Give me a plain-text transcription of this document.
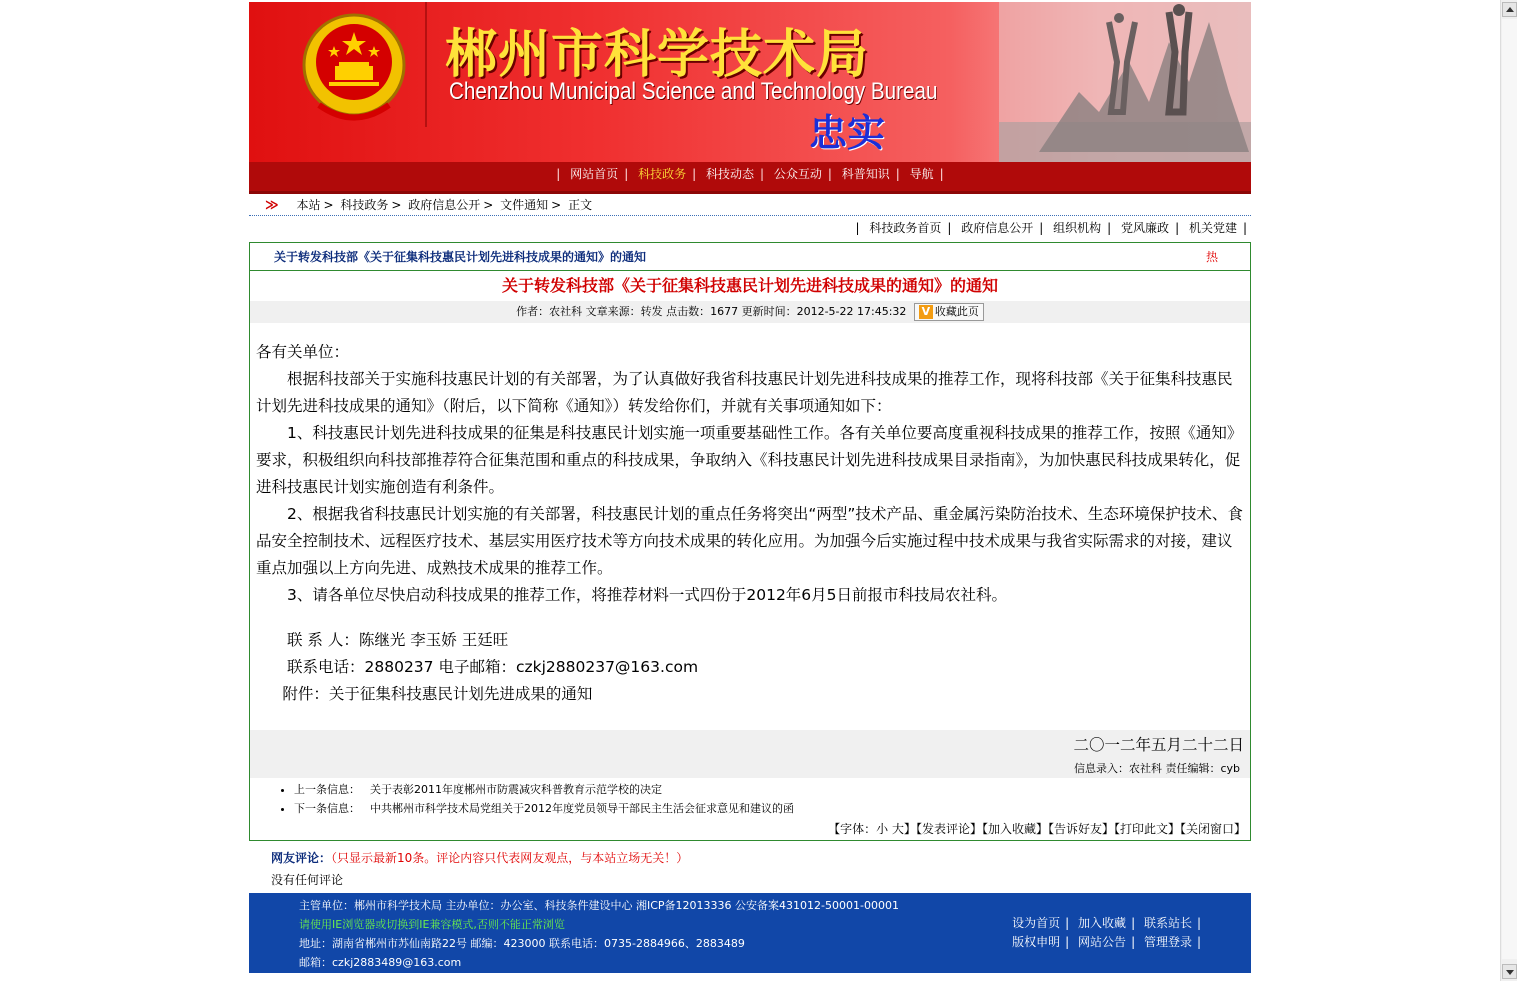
郴州市科学技术局
Chenzhou Municipal Science and Technology Bureau
忠实
| 网站首页 | 科技政务 | 科技动态 | 公众互动 | 科普知识 | 导航 |
≫ 本站 > 科技政务 > 政府信息公开 > 文件通知 > 正文
| 科技政务首页 | 政府信息公开 | 组织机构 | 党风廉政 | 机关党建 |
关于转发科技部《关于征集科技惠民计划先进科技成果的通知》的通知	热
关于转发科技部《关于征集科技惠民计划先进科技成果的通知》的通知
作者：农社科 文章来源：转发 点击数：1677 更新时间：2012-5-22 17:45:32 V 收藏此页

各有关单位：

根据科技部关于实施科技惠民计划的有关部署，为了认真做好我省科技惠民计划先进科技成果的推荐工作，现将科技部《关于征集科技惠民计划先进科技成果的通知》（附后，以下简称《通知》）转发给你们，并就有关事项通知如下：

1、科技惠民计划先进科技成果的征集是科技惠民计划实施一项重要基础性工作。各有关单位要高度重视科技成果的推荐工作，按照《通知》要求，积极组织向科技部推荐符合征集范围和重点的科技成果，争取纳入《科技惠民计划先进科技成果目录指南》，为加快惠民科技成果转化，促进科技惠民计划实施创造有利条件。

2、根据我省科技惠民计划实施的有关部署，科技惠民计划的重点任务将突出“两型”技术产品、重金属污染防治技术、生态环境保护技术、食品安全控制技术、远程医疗技术、基层实用医疗技术等方向技术成果的转化应用。为加强今后实施过程中技术成果与我省实际需求的对接，建议重点加强以上方向先进、成熟技术成果的推荐工作。

3、请各单位尽快启动科技成果的推荐工作，将推荐材料一式四份于2012年6月5日前报市科技局农社科。

联 系 人：陈继光 李玉娇 王廷旺

联系电话：2880237 电子邮箱：czkj2880237@163.com

附件：关于征集科技惠民计划先进成果的通知

二〇一二年五月二十二日
信息录入：农社科 责任编辑：cyb
• 上一条信息： 关于表彰2011年度郴州市防震减灾科普教育示范学校的决定
• 下一条信息： 中共郴州市科学技术局党组关于2012年度党员领导干部民主生活会征求意见和建议的函
【字体：小 大】【发表评论】【加入收藏】【告诉好友】【打印此文】【关闭窗口】
网友评论：（只显示最新10条。评论内容只代表网友观点，与本站立场无关！）
没有任何评论
主管单位：郴州市科学技术局 主办单位：办公室、科技条件建设中心 湘ICP备12013336 公安备案431012-50001-00001
请使用IE浏览器或切换到IE兼容模式,否则不能正常浏览
地址：湖南省郴州市苏仙南路22号 邮编：423000 联系电话：0735-2884966、2883489
邮箱：czkj2883489@163.com
设为首页 | 加入收藏 | 联系站长 |
版权申明 | 网站公告 | 管理登录 |
